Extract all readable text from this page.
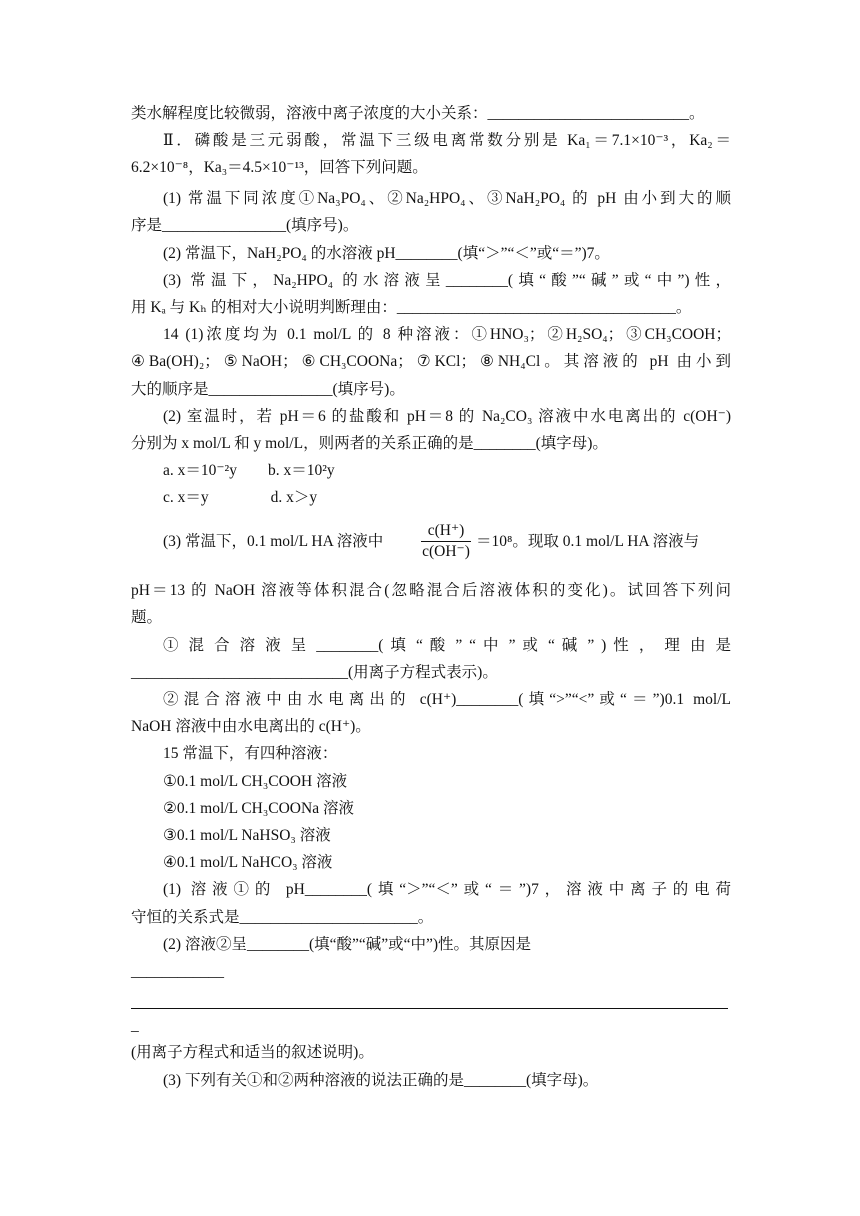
类水解程度比较微弱，溶液中离子浓度的大小关系：__________________________。
Ⅱ．磷酸是三元弱酸，常温下三级电离常数分别是 Ka₁＝7.1×10⁻³，Ka₂＝
6.2×10⁻⁸，Ka₃＝4.5×10⁻¹³，回答下列问题。
(1) 常温下同浓度①Na₃PO₄、②Na₂HPO₄、③NaH₂PO₄ 的 pH 由小到大的顺
序是________________(填序号)。
(2) 常温下，NaH₂PO₄ 的水溶液 pH________(填“＞”“＜”或“＝”)7。
(3) 常温下，Na₂HPO₄ 的水溶液呈________(填“酸”“碱”或“中”)性，
用 Kₐ 与 Kₕ 的相对大小说明判断理由：____________________________________。
14 (1)浓度均为 0.1 mol/L 的 8 种溶液：①HNO₃；②H₂SO₄；③CH₃COOH；
④Ba(OH)₂；⑤NaOH；⑥CH₃COONa；⑦KCl；⑧NH₄Cl。其溶液的 pH 由小到
大的顺序是________________(填序号)。
(2) 室温时，若 pH＝6 的盐酸和 pH＝8 的 Na₂CO₃ 溶液中水电离出的 c(OH⁻)
分别为 x mol/L 和 y mol/L，则两者的关系正确的是________(填字母)。
a. x＝10⁻²y　　b. x＝10²y
c. x＝y　　　　d. x＞y
(3) 常温下，0.1 mol/L HA 溶液中
c(H⁺)
c(OH⁻)
＝10⁸。现取 0.1 mol/L HA 溶液与
pH＝13 的 NaOH 溶液等体积混合(忽略混合后溶液体积的变化)。试回答下列问
题。
① 混 合 溶 液 呈 ________( 填 “ 酸 ” “ 中 ” 或 “ 碱 ” ) 性 ， 理 由 是
____________________________(用离子方程式表示)。
②混合溶液中由水电离出的 c(H⁺)________(填“>”“<”或“＝”)0.1 mol/L
NaOH 溶液中由水电离出的 c(H⁺)。
15 常温下，有四种溶液：
①0.1 mol/L CH₃COOH 溶液
②0.1 mol/L CH₃COONa 溶液
③0.1 mol/L NaHSO₃ 溶液
④0.1 mol/L NaHCO₃ 溶液
(1) 溶液①的 pH________(填“＞”“＜”或“＝”)7，溶液中离子的电荷
守恒的关系式是_______________________。
(2) 溶液②呈________(填“酸”“碱”或“中”)性。其原因是
____________
_
(用离子方程式和适当的叙述说明)。
(3) 下列有关①和②两种溶液的说法正确的是________(填字母)。
